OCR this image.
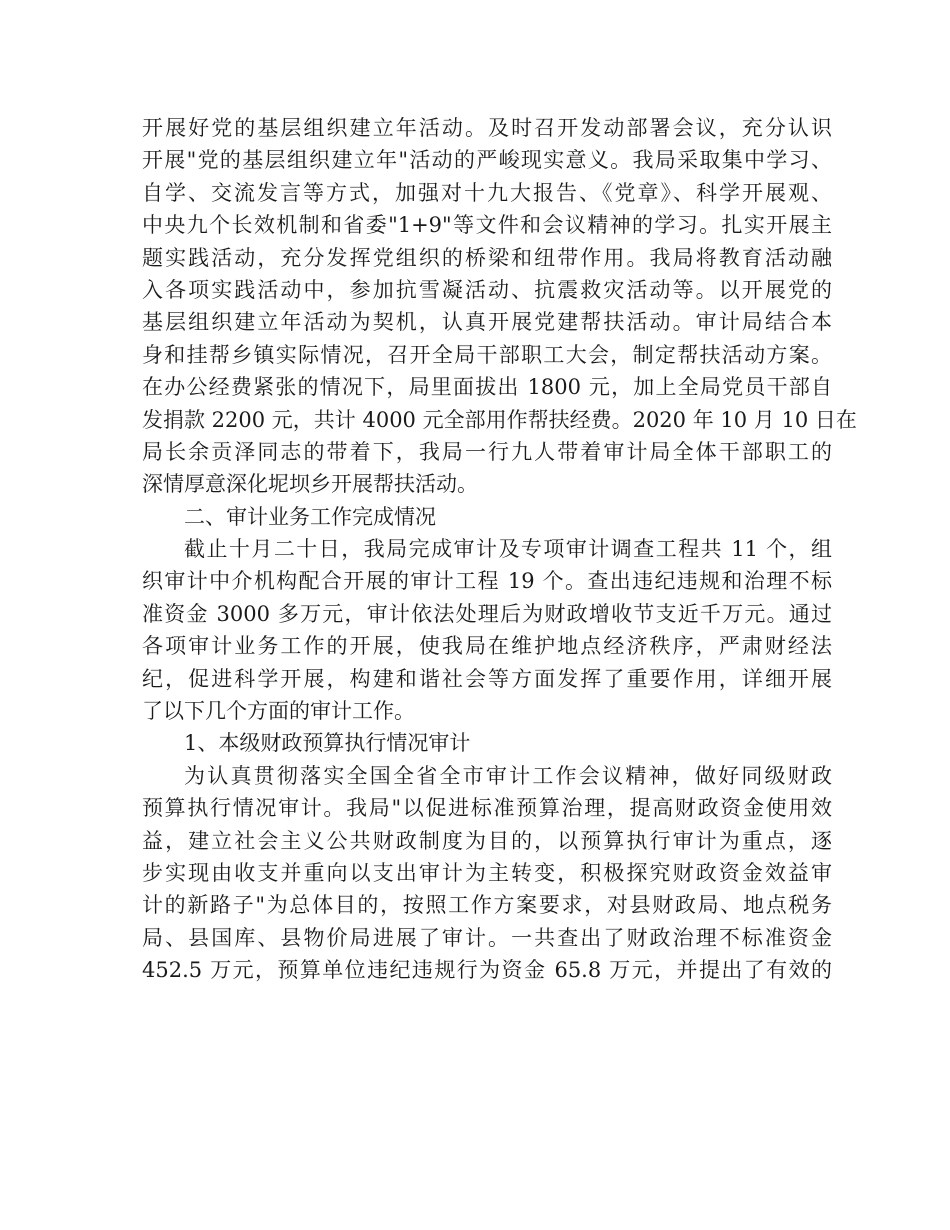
开展好党的基层组织建立年活动。及时召开发动部署会议，充分认识
开展"党的基层组织建立年"活动的严峻现实意义。我局采取集中学习、
自学、交流发言等方式，加强对十九大报告、《党章》、科学开展观、
中央九个长效机制和省委"1+9"等文件和会议精神的学习。扎实开展主
题实践活动，充分发挥党组织的桥梁和纽带作用。我局将教育活动融
入各项实践活动中，参加抗雪凝活动、抗震救灾活动等。以开展党的
基层组织建立年活动为契机，认真开展党建帮扶活动。审计局结合本
身和挂帮乡镇实际情况，召开全局干部职工大会，制定帮扶活动方案。
在办公经费紧张的情况下，局里面拔出 1800 元，加上全局党员干部自
发捐款 2200 元，共计 4000 元全部用作帮扶经费。2020 年 10 月 10 日在
局长余贡泽同志的带着下，我局一行九人带着审计局全体干部职工的
深情厚意深化坭坝乡开展帮扶活动。
二、审计业务工作完成情况
截止十月二十日，我局完成审计及专项审计调查工程共 11 个，组
织审计中介机构配合开展的审计工程 19 个。查出违纪违规和治理不标
准资金 3000 多万元，审计依法处理后为财政增收节支近千万元。通过
各项审计业务工作的开展，使我局在维护地点经济秩序，严肃财经法
纪，促进科学开展，构建和谐社会等方面发挥了重要作用，详细开展
了以下几个方面的审计工作。
1、本级财政预算执行情况审计
为认真贯彻落实全国全省全市审计工作会议精神，做好同级财政
预算执行情况审计。我局"以促进标准预算治理，提高财政资金使用效
益，建立社会主义公共财政制度为目的，以预算执行审计为重点，逐
步实现由收支并重向以支出审计为主转变，积极探究财政资金效益审
计的新路子"为总体目的，按照工作方案要求，对县财政局、地点税务
局、县国库、县物价局进展了审计。一共查出了财政治理不标准资金
452.5 万元，预算单位违纪违规行为资金 65.8 万元，并提出了有效的
